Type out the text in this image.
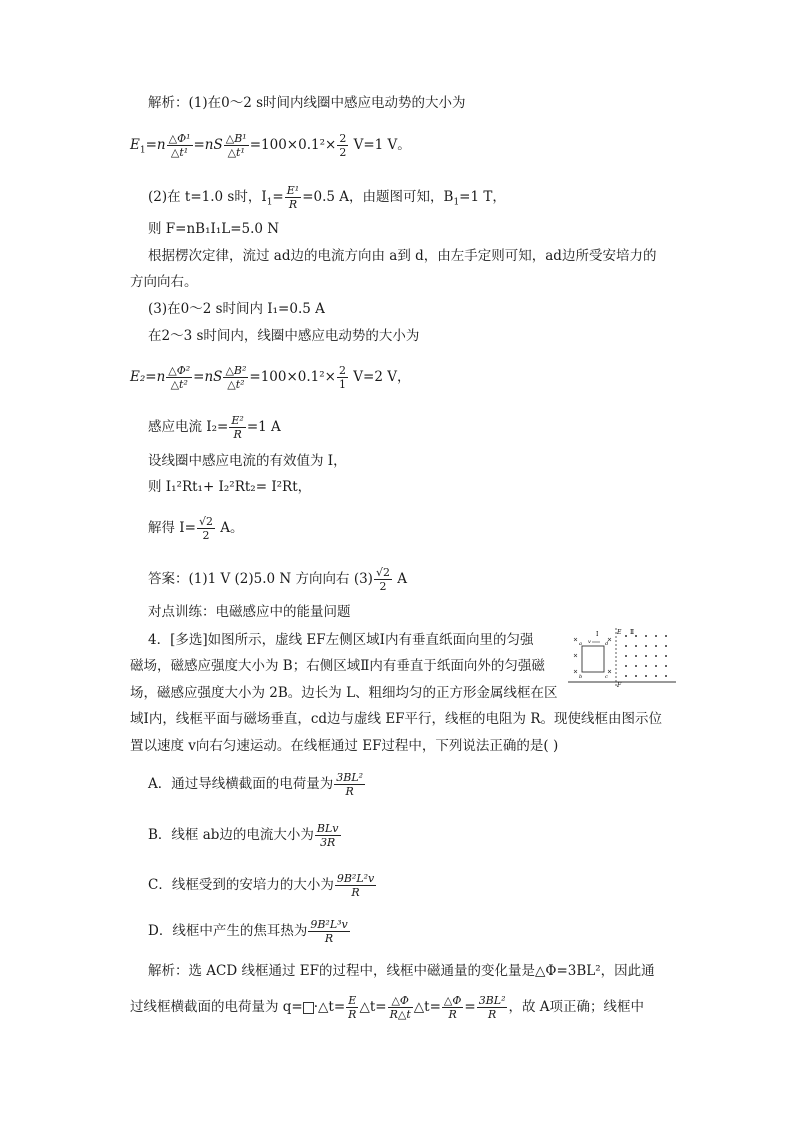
解析：(1)在0～2 s时间内线圈中感应电动势的大小为
$E_1=n \frac{\text{△Φ¹}}{\text{△t¹}} =nS \frac{\text{△B¹}}{\text{△t¹}} =100\times 0.1^2\times \frac{2}{2} V=1$ V。
(2)在 t=1.0 s时，$I_1= \frac{\text{E¹}}{R} =0.5$ A，由题图可知，$B_1=1$ T，
则 F=nB₁I₁L=5.0 N
根据楞次定律，流过 ad边的电流方向由 a到 d，由左手定则可知，ad边所受安培力的
方向向右。
(3)在0～2 s时间内 I₁=0.5 A
在2～3 s时间内，线圈中感应电动势的大小为
$E_2=n \frac{\text{△Φ²}}{\text{△t²}} =nS \frac{\text{△B²}}{\text{△t²}} =100\times 0.1^2\times \frac{2}{1} V=2$ V，
感应电流 $I_2= \frac{\text{E²}}{R} =1$ A
设线圈中感应电流的有效值为 I，
则 I₁²Rt₁+ I₂²Rt₂= I²Rt，
解得 $I= \frac{√2}{2}$ A。
答案：(1)1 V (2)5.0 N 方向向右 $(3) \frac{√2}{2}$ A
对点训练：电磁感应中的能量问题
4．[多选]如图所示，虚线 EF左侧区域Ⅰ内有垂直纸面向里的匀强
磁场，磁感应强度大小为 B；右侧区域Ⅱ内有垂直于纸面向外的匀强磁
场，磁感应强度大小为 2B。边长为 L、粗细均匀的正方形金属线框在区
域Ⅰ内，线框平面与磁场垂直，cd边与虚线 EF平行，线框的电阻为 R。现使线框由图示位
置以速度 v向右匀速运动。在线框通过 EF过程中，下列说法正确的是( )
E
F
Ⅰ	Ⅱ
a
b	c
d
v
A．通过导线横截面的电荷量为 $\frac{\text{3BL²}}{R}$
B．线框 ab边的电流大小为 $\frac{\text{BLv}}{3R}$
C．线框受到的安培力的大小为 $\frac{\text{9B²L²v}}{R}$
D．线框中产生的焦耳热为 $\frac{\text{9B²L³v}}{R}$
解析：选 ACD 线框通过 EF的过程中，线框中磁通量的变化量是△Φ=3BL²，因此通
过线框横截面的电荷量为 q= ·△t= $\frac{E}{R}$ △t= $\frac{\triangle\Phi}{R\triangle t}$ △t= $\frac{\triangle\Phi}{R} = \frac{\text{3BL²}}{R}$ ，故 A项正确；线框中
